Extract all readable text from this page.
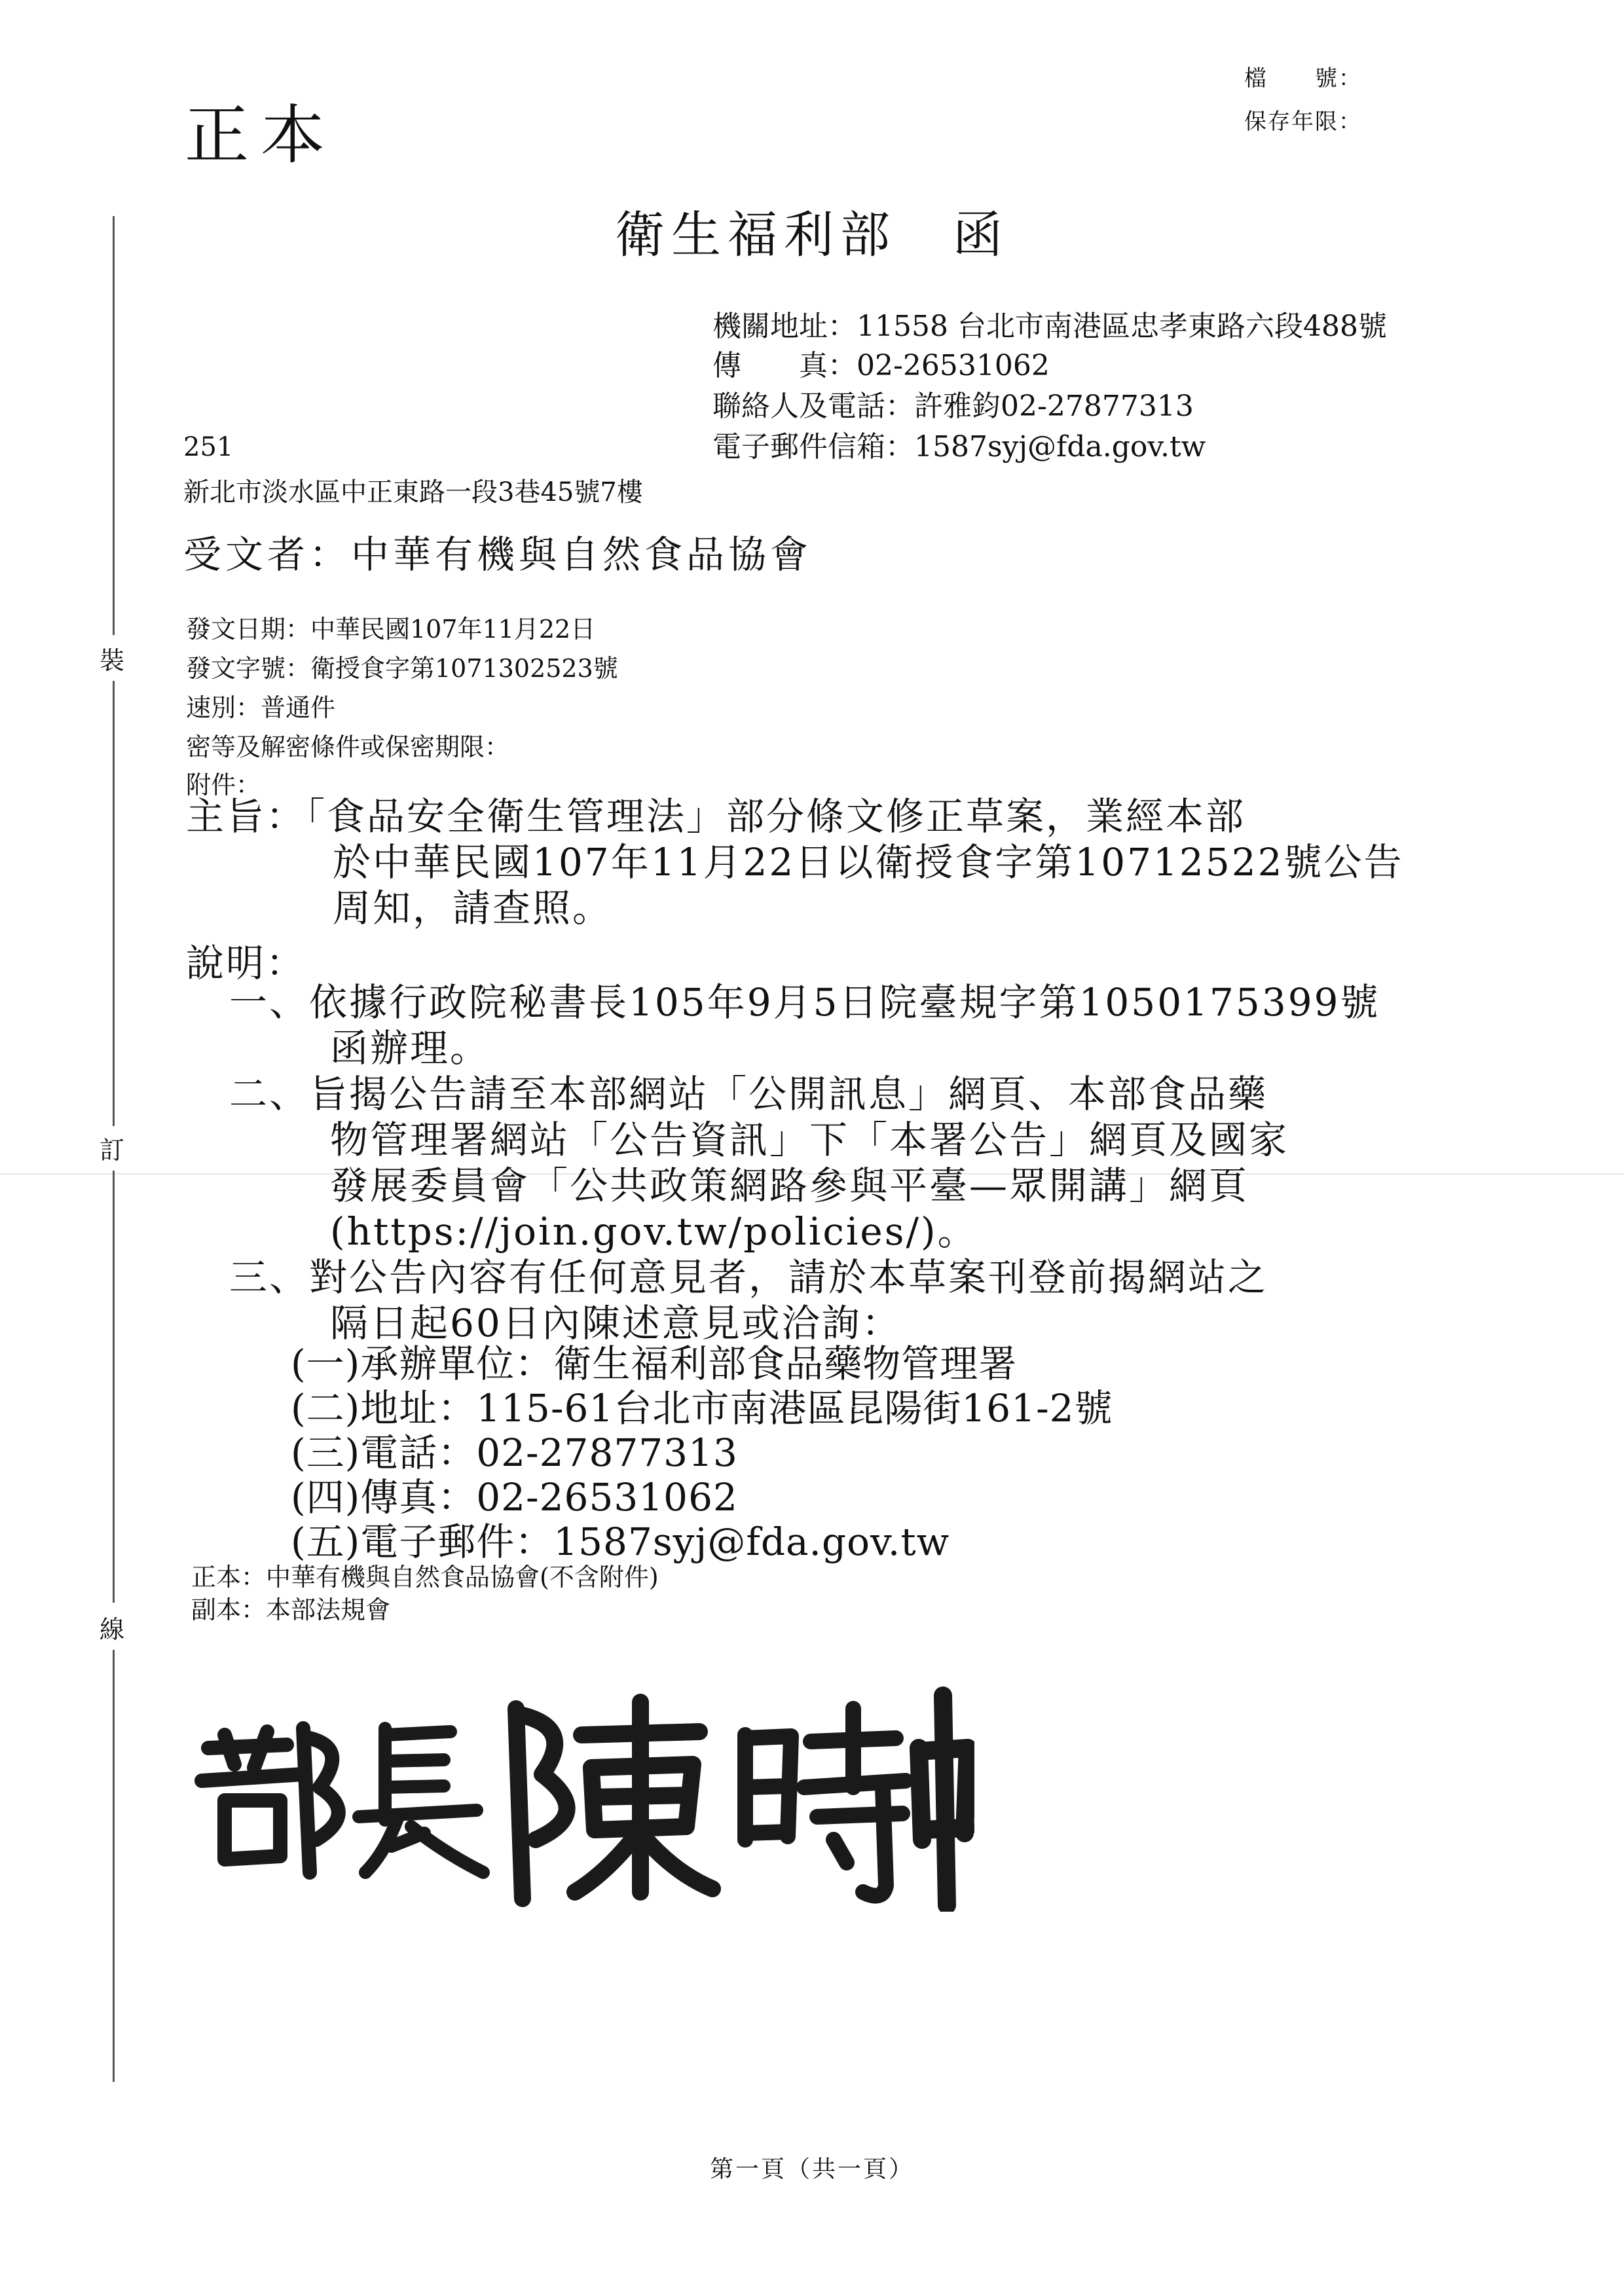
正本
檔　　號：
保存年限：
衛生福利部　函
機關地址：11558 台北市南港區忠孝東路六段488號
傳　　真：02-26531062
聯絡人及電話：許雅鈞02-27877313
電子郵件信箱：1587syj@fda.gov.tw
251
新北市淡水區中正東路一段3巷45號7樓
受文者：中華有機與自然食品協會
發文日期：中華民國107年11月22日
發文字號：衛授食字第1071302523號
速別：普通件
密等及解密條件或保密期限：
附件：
主旨：「食品安全衛生管理法」部分條文修正草案，業經本部
於中華民國107年11月22日以衛授食字第10712522號公告
周知，請查照。
說明：
一、依據行政院秘書長105年9月5日院臺規字第1050175399號
函辦理。
二、旨揭公告請至本部網站「公開訊息」網頁、本部食品藥
物管理署網站「公告資訊」下「本署公告」網頁及國家
發展委員會「公共政策網路參與平臺—眾開講」網頁
(https://join.gov.tw/policies/)。
三、對公告內容有任何意見者，請於本草案刊登前揭網站之
隔日起60日內陳述意見或洽詢：
(一)承辦單位：衛生福利部食品藥物管理署
(二)地址：115-61台北市南港區昆陽街161-2號
(三)電話：02-27877313
(四)傳真：02-26531062
(五)電子郵件：1587syj@fda.gov.tw
正本：中華有機與自然食品協會(不含附件)
副本：本部法規會
裝
訂
線
第一頁（共一頁）
